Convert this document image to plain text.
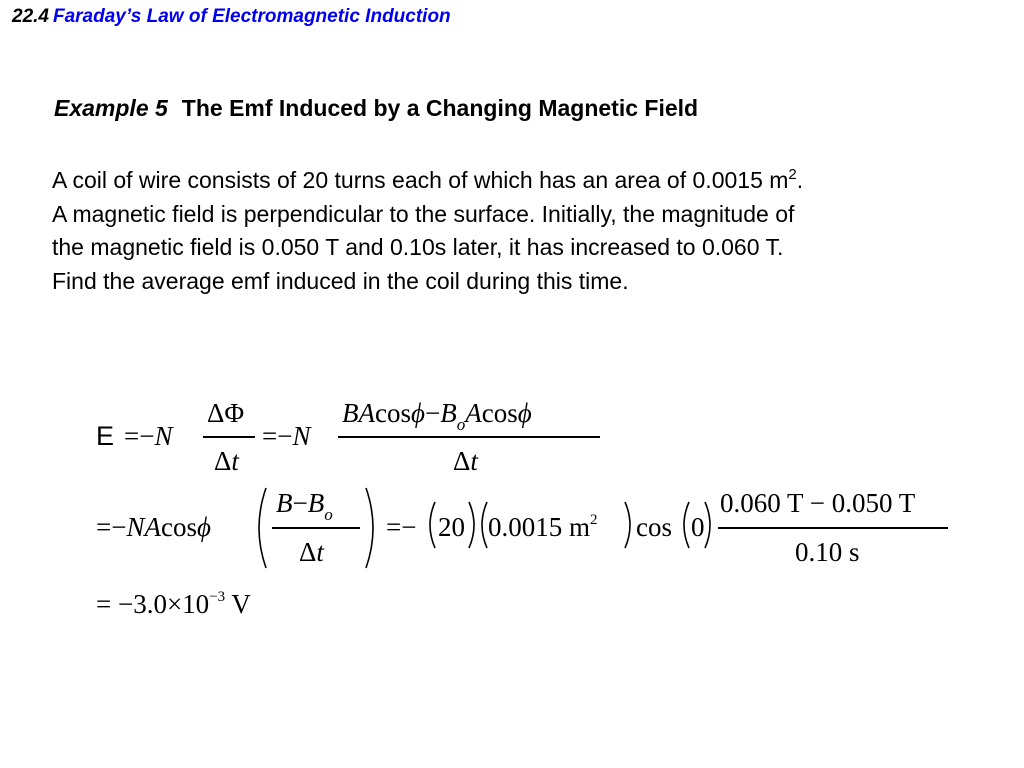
22.4 Faraday’s Law of Electromagnetic Induction
Example 5 The Emf Induced by a Changing Magnetic Field
A coil of wire consists of 20 turns each of which has an area of 0.0015 $m^2$.
A magnetic field is perpendicular to the surface. Initially, the magnitude of
the magnetic field is 0.050 T and 0.10s later, it has increased to 0.060 T.
Find the average emf induced in the coil during this time.
E =−N
ΔΦ
Δt
=−N
$BAcos\phi-B_oAcos\phi$
Δt
=−NAcosϕ
$B-B_o$
Δt
=− 20 0.0015 $m^2$ cos 0
0.060 T − 0.050 T
0.10 s
= $-3.0\times 10^{-3}$ V
